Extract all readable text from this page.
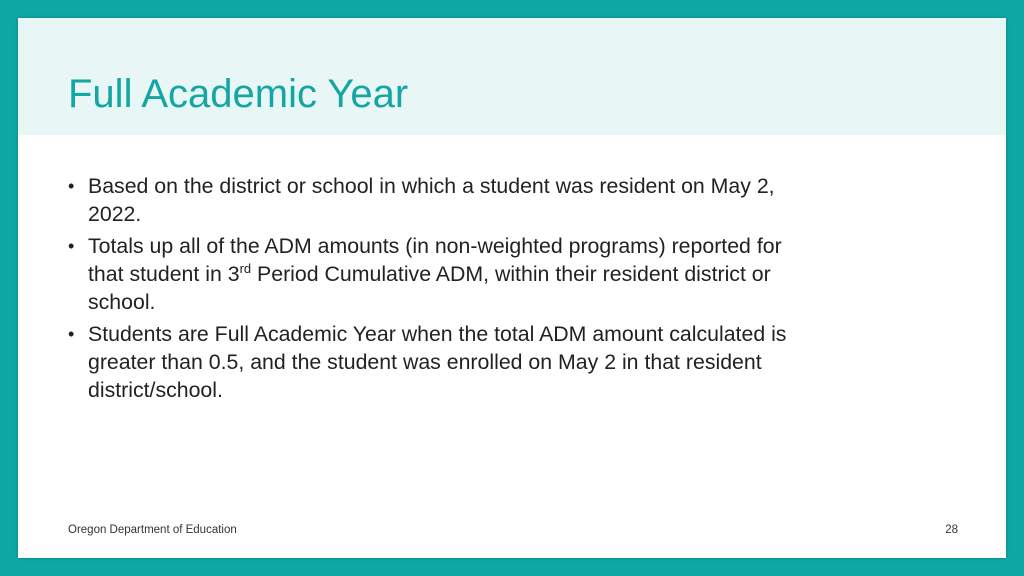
Full Academic Year
• Based on the district or school in which a student was resident on May 2, 2022.
• Totals up all of the ADM amounts (in non-weighted programs) reported for that student in 3rd Period Cumulative ADM, within their resident district or school.
• Students are Full Academic Year when the total ADM amount calculated is greater than 0.5, and the student was enrolled on May 2 in that resident district/school.
Oregon Department of Education	28
